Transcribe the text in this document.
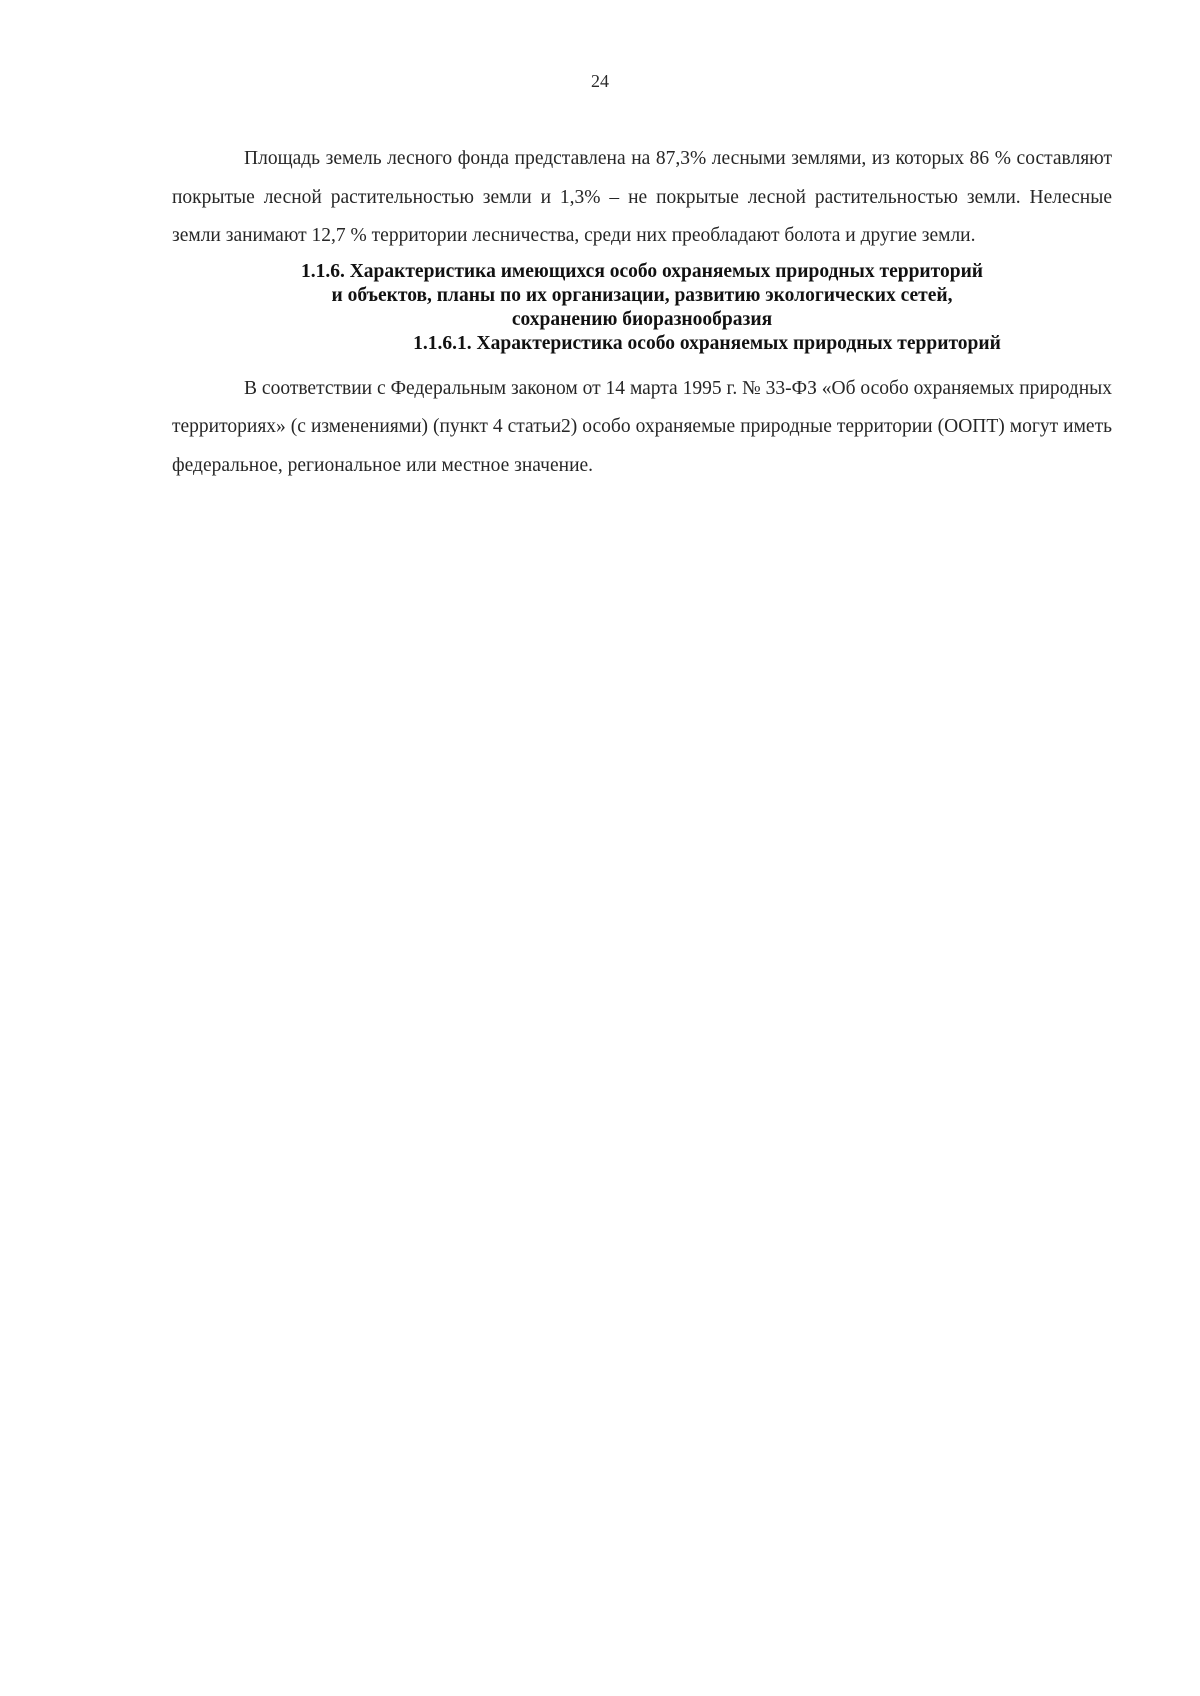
24

Площадь земель лесного фонда представлена на 87,3% лесными землями, из которых 86 % составляют покрытые лесной растительностью земли и 1,3% – не покрытые лесной растительностью земли. Нелесные земли занимают 12,7 % территории лесничества, среди них преобладают болота и другие земли.

1.1.6. Характеристика имеющихся особо охраняемых природных территорий

и объектов, планы по их организации, развитию экологических сетей,

сохранению биоразнообразия

1.1.6.1. Характеристика особо охраняемых природных территорий

В соответствии с Федеральным законом от 14 марта 1995 г. № 33-ФЗ «Об особо охраняемых природных территориях» (с изменениями) (пункт 4 статьи2) особо охраняемые природные территории (ООПТ) могут иметь федеральное, региональное или местное значение.
